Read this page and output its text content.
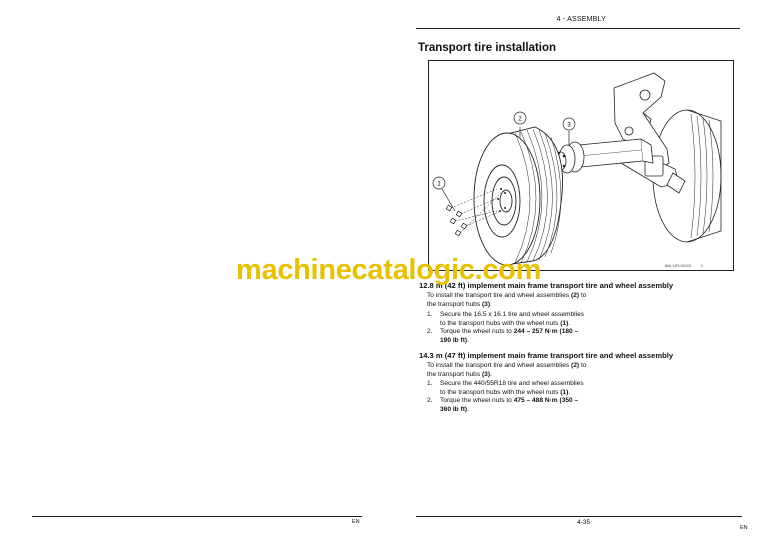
EN
4 - ASSEMBLY
Transport tire installation
1
2
3
BAIL13PLG0103 1
12.8 m (42 ft) implement main frame transport tire and wheel assembly
To install the transport tire and wheel assemblies (2) to
the transport hubs (3):
1. Secure the 16.5 x 16.1 tire and wheel assemblies
to the transport hubs with the wheel nuts (1).
2. Torque the wheel nuts to 244 – 257 N·m (180 –
190 lb ft).
14.3 m (47 ft) implement main frame transport tire and wheel assembly
To install the transport tire and wheel assemblies (2) to
the transport hubs (3).
1. Secure the 440/55R18 tire and wheel assemblies
to the transport hubs with the wheel nuts (1).
2. Torque the wheel nuts to 475 – 488 N·m (350 –
360 lb ft).
4-35
EN
machinecatalogic.com
